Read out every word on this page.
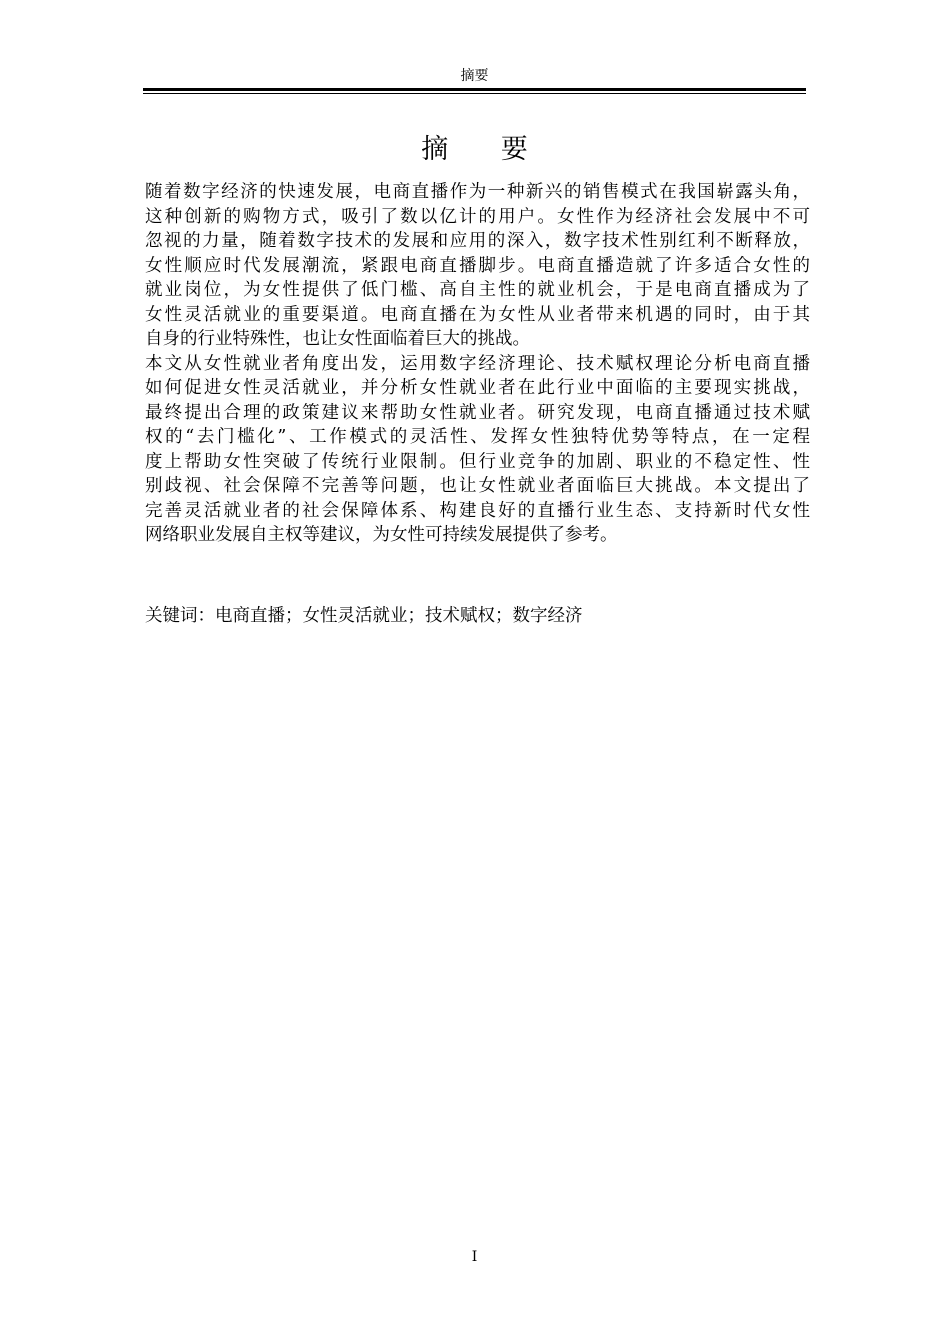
摘要
摘 要

随着数字经济的快速发展，电商直播作为一种新兴的销售模式在我国崭露头角，
这种创新的购物方式，吸引了数以亿计的用户。女性作为经济社会发展中不可
忽视的力量，随着数字技术的发展和应用的深入，数字技术性别红利不断释放，
女性顺应时代发展潮流，紧跟电商直播脚步。电商直播造就了许多适合女性的
就业岗位，为女性提供了低门槛、高自主性的就业机会，于是电商直播成为了
女性灵活就业的重要渠道。电商直播在为女性从业者带来机遇的同时，由于其
自身的行业特殊性，也让女性面临着巨大的挑战。

本文从女性就业者角度出发，运用数字经济理论、技术赋权理论分析电商直播
如何促进女性灵活就业，并分析女性就业者在此行业中面临的主要现实挑战，
最终提出合理的政策建议来帮助女性就业者。研究发现，电商直播通过技术赋
权的“去门槛化”、工作模式的灵活性、发挥女性独特优势等特点，在一定程
度上帮助女性突破了传统行业限制。但行业竞争的加剧、职业的不稳定性、性
别歧视、社会保障不完善等问题，也让女性就业者面临巨大挑战。本文提出了
完善灵活就业者的社会保障体系、构建良好的直播行业生态、支持新时代女性
网络职业发展自主权等建议，为女性可持续发展提供了参考。

关键词：电商直播；女性灵活就业；技术赋权；数字经济
I
